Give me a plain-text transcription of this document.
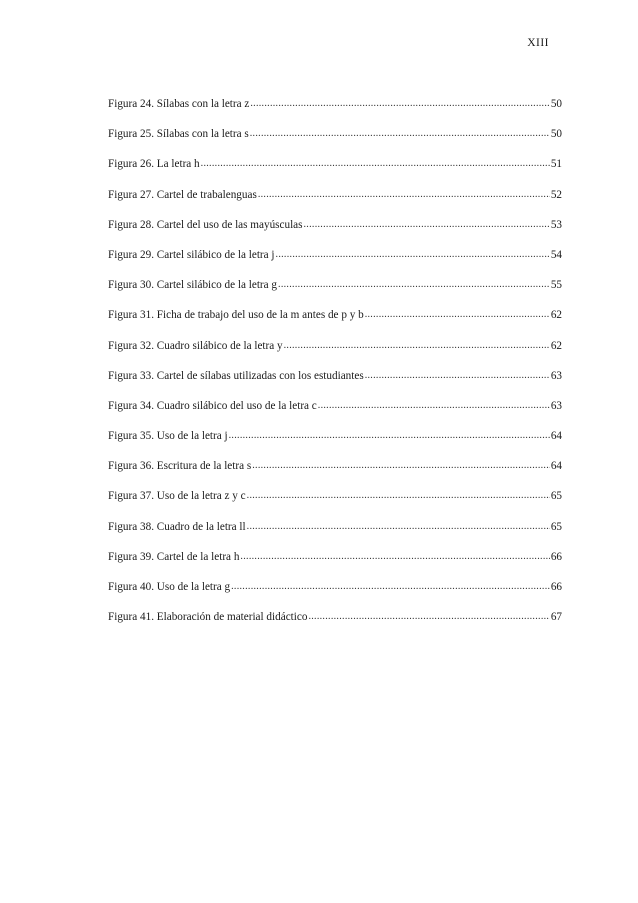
XIII
Figura 24. Sílabas con la letra z .....	50
Figura 25. Sílabas con la letra s .....	50
Figura 26. La letra h .....	51
Figura 27. Cartel de trabalenguas .....	52
Figura 28. Cartel del uso de las mayúsculas .....	53
Figura 29. Cartel silábico de la letra j .....	54
Figura 30. Cartel silábico de la letra g .....	55
Figura 31. Ficha de trabajo del uso de la m antes de p y b .....	62
Figura 32. Cuadro silábico de la letra y .....	62
Figura 33. Cartel de sílabas utilizadas con los estudiantes .....	63
Figura 34. Cuadro silábico del uso de la letra c .....	63
Figura 35. Uso de la letra j .....	64
Figura 36. Escritura de la letra s .....	64
Figura 37. Uso de la letra z y c .....	65
Figura 38. Cuadro de la letra ll .....	65
Figura 39. Cartel de la letra h .....	66
Figura 40. Uso de la letra g .....	66
Figura 41. Elaboración de material didáctico .....	67
